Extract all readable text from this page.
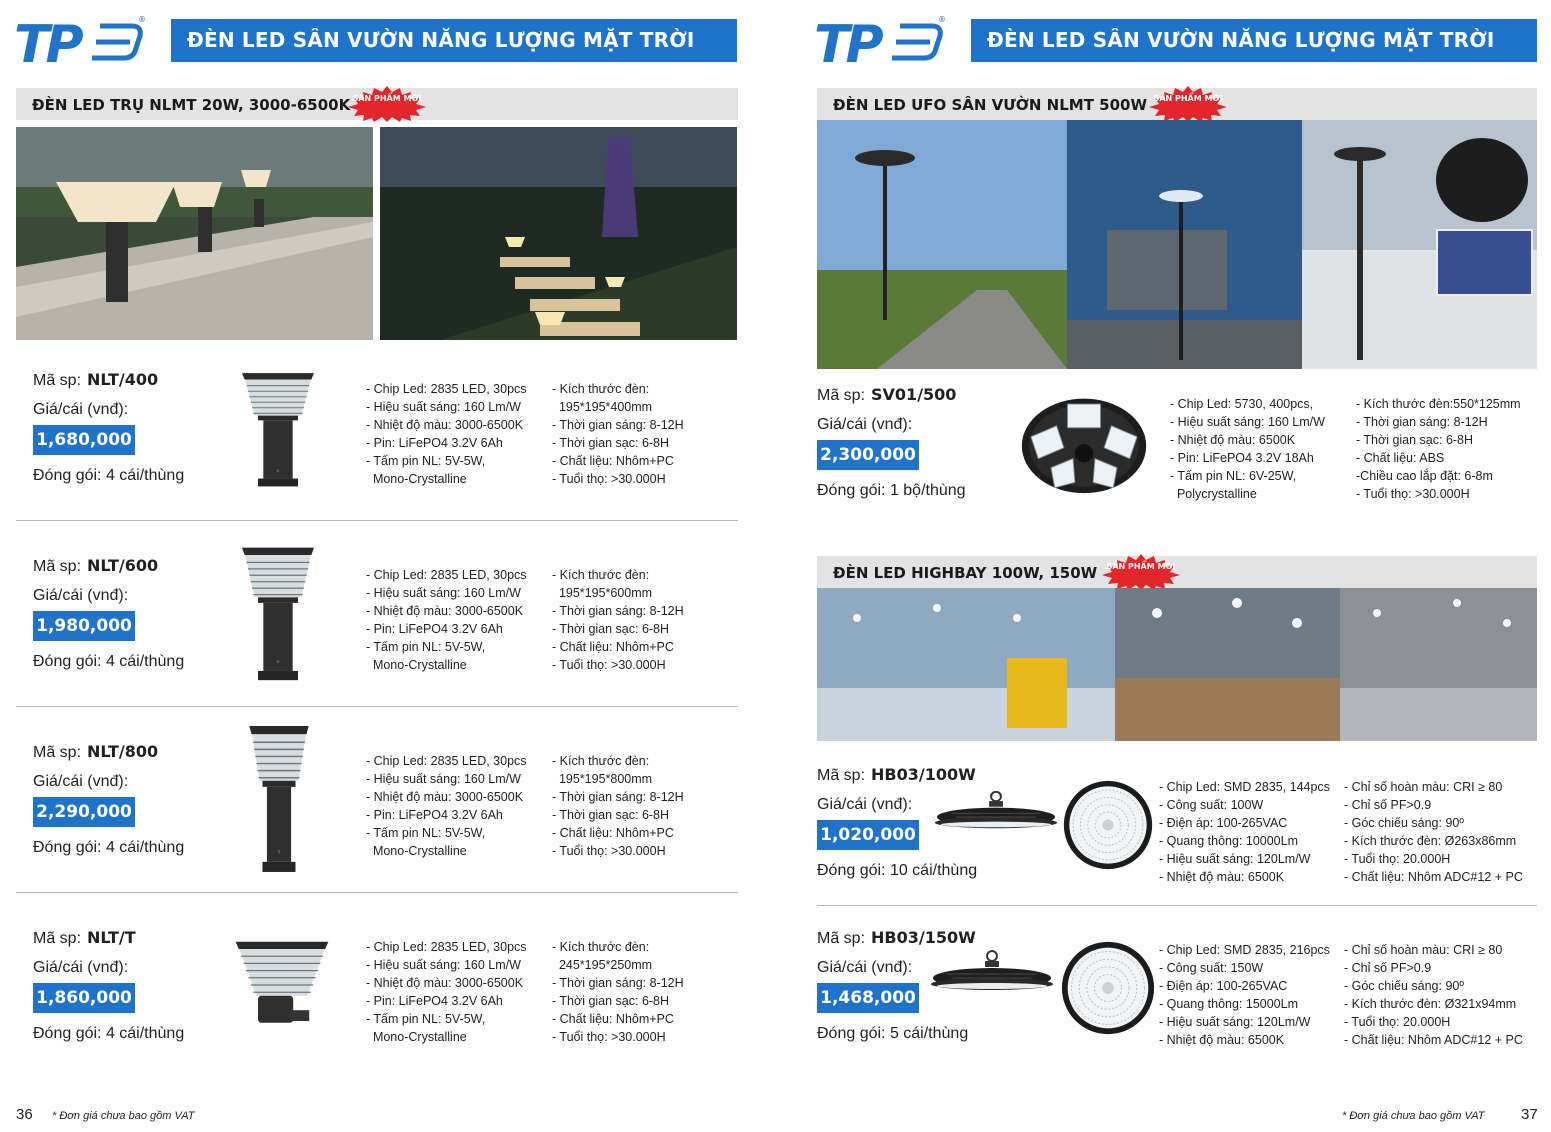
ĐÈN LED SÂN VƯỜN NĂNG LƯỢNG MẶT TRỜI
ĐÈN LED TRỤ NLMT 20W, 3000-6500K SẢN PHẨM MỚI
Mã sp: NLT/400
Giá/cái (vnđ):
1,680,000
Đóng gói: 4 cái/thùng
- Chip Led: 2835 LED, 30pcs
- Hiệu suất sáng: 160 Lm/W
- Nhiệt độ màu: 3000-6500K
- Pin: LiFePO4 3.2V 6Ah
- Tấm pin NL: 5V-5W,
Mono-Crystalline
- Kích thước đèn:
195*195*400mm
- Thời gian sáng: 8-12H
- Thời gian sạc: 6-8H
- Chất liệu: Nhôm+PC
- Tuổi thọ: >30.000H
Mã sp: NLT/600
Giá/cái (vnđ):
1,980,000
Đóng gói: 4 cái/thùng
- Chip Led: 2835 LED, 30pcs
- Hiệu suất sáng: 160 Lm/W
- Nhiệt độ màu: 3000-6500K
- Pin: LiFePO4 3.2V 6Ah
- Tấm pin NL: 5V-5W,
Mono-Crystalline
- Kích thước đèn:
195*195*600mm
- Thời gian sáng: 8-12H
- Thời gian sạc: 6-8H
- Chất liệu: Nhôm+PC
- Tuổi thọ: >30.000H
Mã sp: NLT/800
Giá/cái (vnđ):
2,290,000
Đóng gói: 4 cái/thùng
- Chip Led: 2835 LED, 30pcs
- Hiệu suất sáng: 160 Lm/W
- Nhiệt độ màu: 3000-6500K
- Pin: LiFePO4 3.2V 6Ah
- Tấm pin NL: 5V-5W,
Mono-Crystalline
- Kích thước đèn:
195*195*800mm
- Thời gian sáng: 8-12H
- Thời gian sạc: 6-8H
- Chất liệu: Nhôm+PC
- Tuổi thọ: >30.000H
Mã sp: NLT/T
Giá/cái (vnđ):
1,860,000
Đóng gói: 4 cái/thùng
- Chip Led: 2835 LED, 30pcs
- Hiệu suất sáng: 160 Lm/W
- Nhiệt độ màu: 3000-6500K
- Pin: LiFePO4 3.2V 6Ah
- Tấm pin NL: 5V-5W,
Mono-Crystalline
- Kích thước đèn:
245*195*250mm
- Thời gian sáng: 8-12H
- Thời gian sạc: 6-8H
- Chất liệu: Nhôm+PC
- Tuổi thọ: >30.000H
36 * Đơn giá chưa bao gồm VAT
ĐÈN LED SÂN VƯỜN NĂNG LƯỢNG MẶT TRỜI
ĐÈN LED UFO SÂN VƯỜN NLMT 500W SẢN PHẨM MỚI
Mã sp: SV01/500
Giá/cái (vnđ):
2,300,000
Đóng gói: 1 bộ/thùng
- Chip Led: 5730, 400pcs,
- Hiệu suất sáng: 160 Lm/W
- Nhiệt độ màu: 6500K
- Pin: LiFePO4 3.2V 18Ah
- Tấm pin NL: 6V-25W,
Polycrystalline
- Kích thước đèn:550*125mm
- Thời gian sáng: 8-12H
- Thời gian sạc: 6-8H
- Chất liệu: ABS
-Chiều cao lắp đặt: 6-8m
- Tuổi thọ: >30.000H
ĐÈN LED HIGHBAY 100W, 150W	SẢN PHẨM MỚI
Mã sp: HB03/100W
Giá/cái (vnđ):
1,020,000
Đóng gói: 10 cái/thùng
- Chip Led: SMD 2835, 144pcs
- Công suất: 100W
- Điện áp: 100-265VAC
- Quang thông: 10000Lm
- Hiệu suất sáng: 120Lm/W
- Nhiệt độ màu: 6500K
- Chỉ số hoàn màu: CRI ≥ 80
- Chỉ số PF>0.9
- Góc chiếu sáng: 90º
- Kích thước đèn: Ø263x86mm
- Tuổi thọ: 20.000H
- Chất liệu: Nhôm ADC#12 + PC
Mã sp: HB03/150W
Giá/cái (vnđ):
1,468,000
Đóng gói: 5 cái/thùng
- Chip Led: SMD 2835, 216pcs
- Công suất: 150W
- Điện áp: 100-265VAC
- Quang thông: 15000Lm
- Hiệu suất sáng: 120Lm/W
- Nhiệt độ màu: 6500K
- Chỉ số hoàn màu: CRI ≥ 80
- Chỉ số PF>0.9
- Góc chiếu sáng: 90º
- Kích thước đèn: Ø321x94mm
- Tuổi thọ: 20.000H
- Chất liệu: Nhôm ADC#12 + PC
* Đơn giá chưa bao gồm VAT 37
